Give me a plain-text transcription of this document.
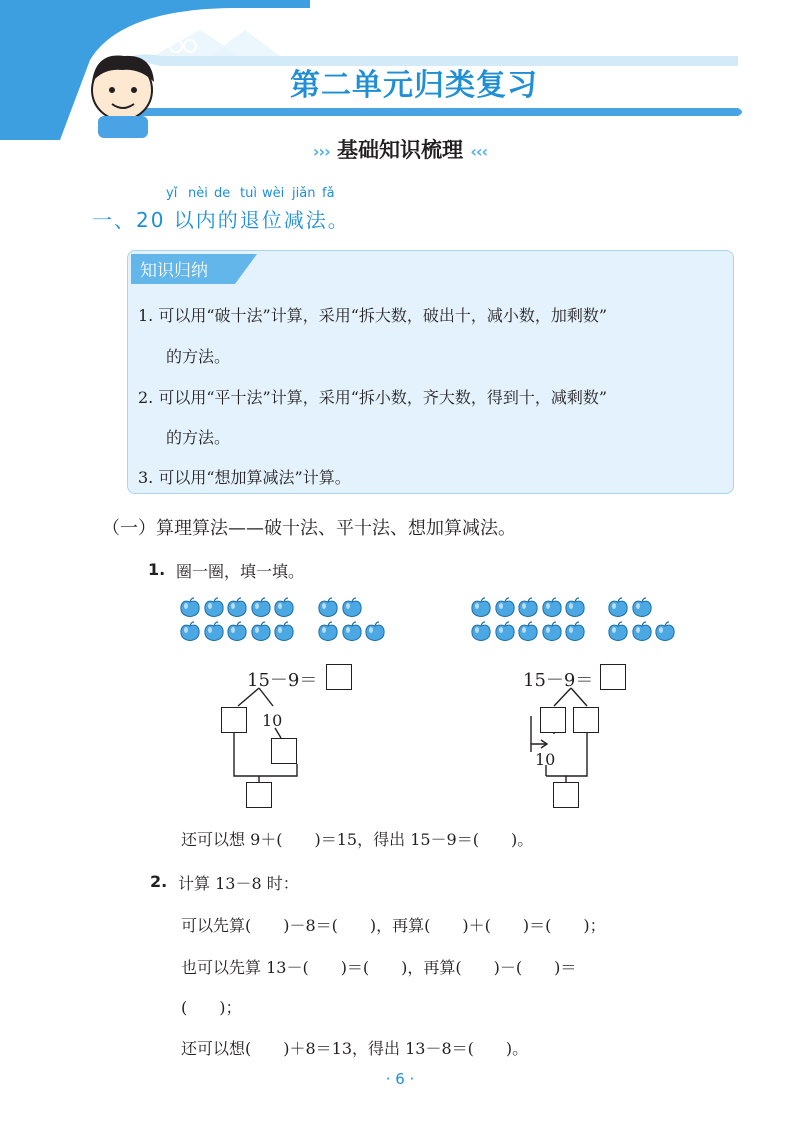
第二单元归类复习
››› 基础知识梳理 ‹‹‹
yǐ nèi de tuì wèi jiǎn fǎ
一、20 以内的退位减法。
知识归纳
1. 可以用“破十法”计算，采用“拆大数，破出十，减小数，加剩数”
的方法。
2. 可以用“平十法”计算，采用“拆小数，齐大数，得到十，减剩数”
的方法。
3. 可以用“想加算减法”计算。
（一）算理算法——破十法、平十法、想加算减法。
1. 圈一圈，填一填。
15－9＝
10
15－9＝
10
还可以想 9＋(　　)＝15，得出 15－9＝(　　)。
2. 计算 13－8 时：
可以先算(　　)－8＝(　　)，再算(　　)＋(　　)＝(　　)；
也可以先算 13－(　　)＝(　　)，再算(　　)－(　　)＝
(　　)；
还可以想(　　)＋8＝13，得出 13－8＝(　　)。
· 6 ·
